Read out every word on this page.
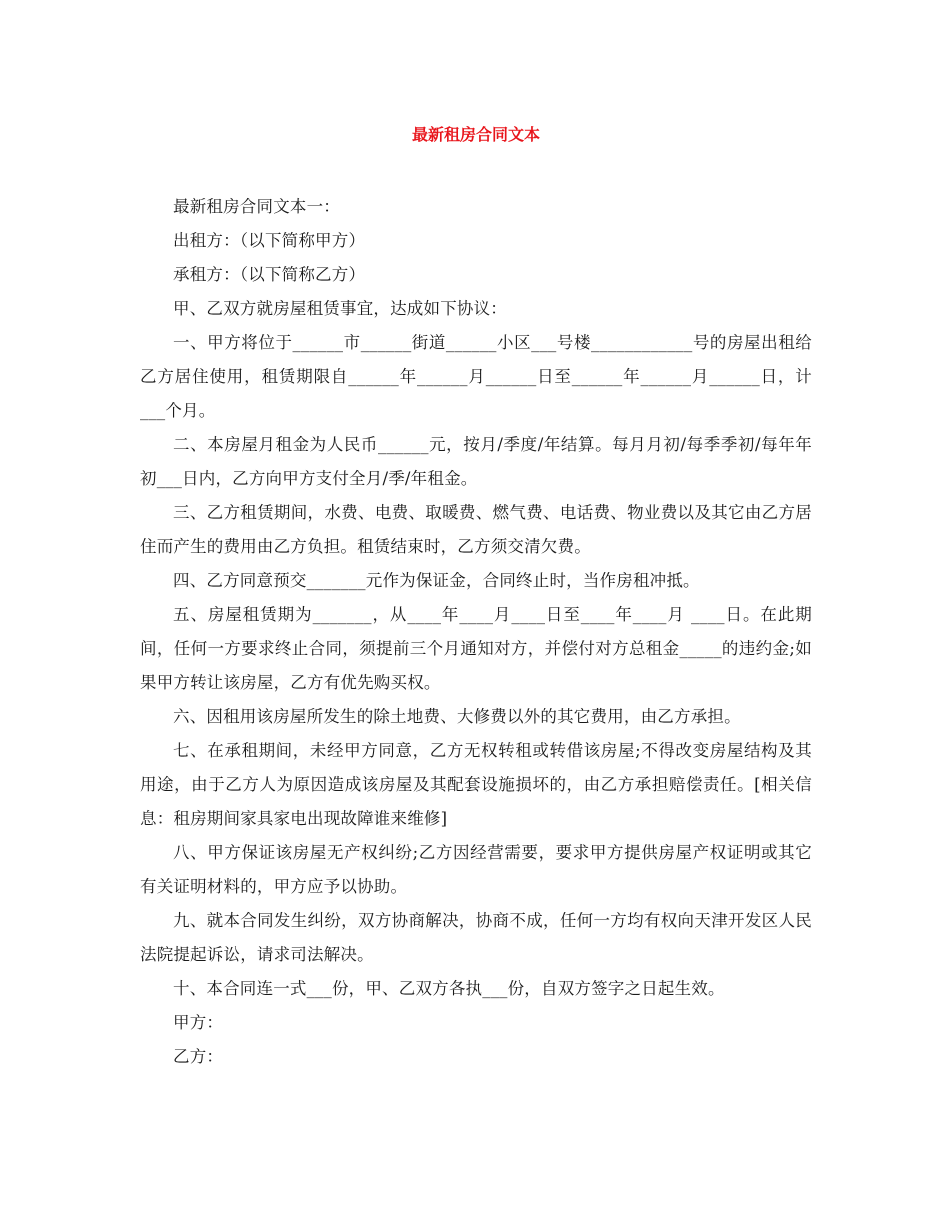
最新租房合同文本

最新租房合同文本一：

出租方：（以下简称甲方）

承租方：（以下简称乙方）

甲、乙双方就房屋租赁事宜，达成如下协议：

一、甲方将位于______市______街道______小区___号楼____________号的房屋出租给乙方居住使用，租赁期限自______年______月______日至______年______月______日，计___个月。

二、本房屋月租金为人民币______元，按月/季度/年结算。每月月初/每季季初/每年年初___日内，乙方向甲方支付全月/季/年租金。

三、乙方租赁期间，水费、电费、取暖费、燃气费、电话费、物业费以及其它由乙方居住而产生的费用由乙方负担。租赁结束时，乙方须交清欠费。

四、乙方同意预交_______元作为保证金，合同终止时，当作房租冲抵。

五、房屋租赁期为_______，从____年____月____日至____年____月 ____日。在此期间，任何一方要求终止合同，须提前三个月通知对方，并偿付对方总租金_____的违约金;如果甲方转让该房屋，乙方有优先购买权。

六、因租用该房屋所发生的除土地费、大修费以外的其它费用，由乙方承担。

七、在承租期间，未经甲方同意，乙方无权转租或转借该房屋;不得改变房屋结构及其用途，由于乙方人为原因造成该房屋及其配套设施损坏的，由乙方承担赔偿责任。[相关信息：租房期间家具家电出现故障谁来维修]

八、甲方保证该房屋无产权纠纷;乙方因经营需要，要求甲方提供房屋产权证明或其它有关证明材料的，甲方应予以协助。

九、就本合同发生纠纷，双方协商解决，协商不成，任何一方均有权向天津开发区人民法院提起诉讼，请求司法解决。

十、本合同连一式___份，甲、乙双方各执___份，自双方签字之日起生效。

甲方：

乙方：
